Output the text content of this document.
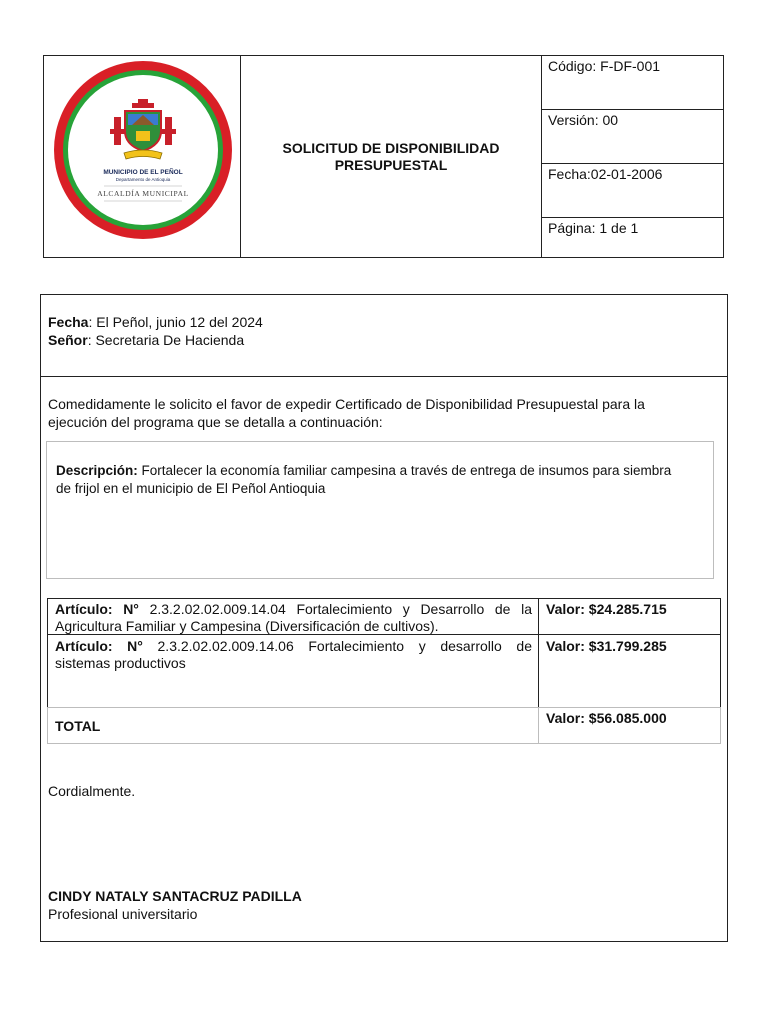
MUNICIPIO DE EL PEÑOL
Departamento de Antioquia
ALCALDÍA MUNICIPAL
SOLICITUD DE DISPONIBILIDAD PRESUPUESTAL
Código: F-DF-001
Versión: 00
Fecha:02-01-2006
Página: 1 de 1
Fecha: El Peñol, junio 12 del 2024
Señor: Secretaria De Hacienda
Comedidamente le solicito el favor de expedir Certificado de Disponibilidad Presupuestal para la
ejecución del programa que se detalla a continuación:
Descripción: Fortalecer la economía familiar campesina a través de entrega de insumos para siembra
de frijol en el municipio de El Peñol Antioquia
Artículo: N° 2.3.2.02.02.009.14.04 Fortalecimiento y Desarrollo de la
Agricultura Familiar y Campesina (Diversificación de cultivos).
Valor: $24.285.715
Artículo: N° 2.3.2.02.02.009.14.06 Fortalecimiento y desarrollo de
sistemas productivos
Valor: $31.799.285
TOTAL	Valor: $56.085.000
Cordialmente.
CINDY NATALY SANTACRUZ PADILLA
Profesional universitario
